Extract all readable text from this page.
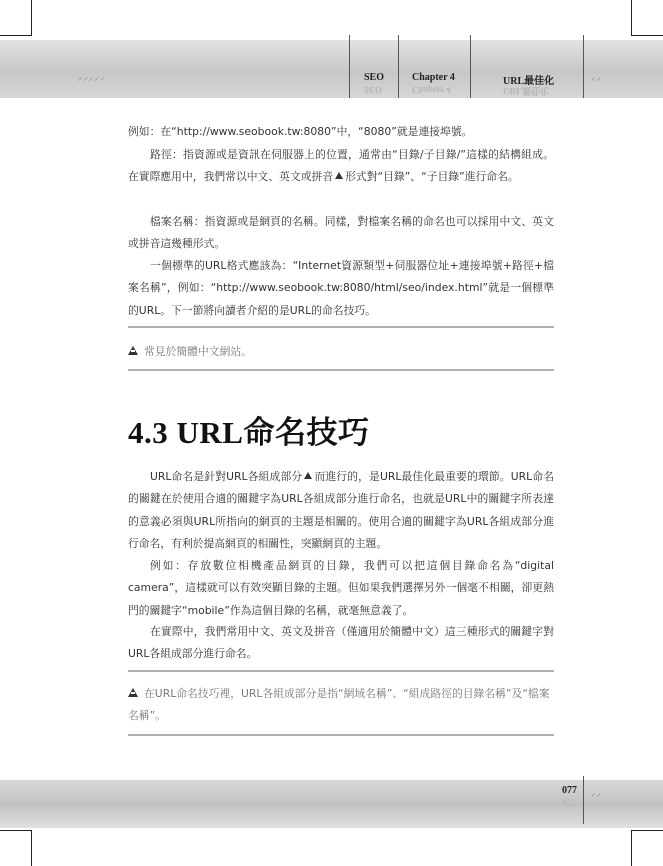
⸝⸝⸝⸝⸝	SEO	Chapter 4	URL最佳化
SEO	Chapter 4	URL最佳化
⸝⸝
例如：在“http://www.seobook.tw:8080”中，“8080”就是連接埠號。
路徑：指資源或是資訊在伺服器上的位置，通常由“目錄/子目錄/”這樣的結構組成。在實際應用中，我們常以中文、英文或拼音 形式對“目錄”、“子目錄”進行命名。
檔案名稱：指資源或是網頁的名稱。同樣，對檔案名稱的命名也可以採用中文、英文或拼音這幾種形式。
一個標準的URL格式應該為：“Internet資源類型+伺服器位址+連接埠號+路徑+檔案名稱”，例如：“http://www.seobook.tw:8080/html/seo/index.html”就是一個標準的URL。下一節將向讀者介紹的是URL的命名技巧。
常見於簡體中文網站。
4.3 URL命名技巧
URL命名是針對URL各組成部分 而進行的，是URL最佳化最重要的環節。URL命名的關鍵在於使用合適的關鍵字為URL各組成部分進行命名，也就是URL中的關鍵字所表達的意義必須與URL所指向的網頁的主題是相關的。使用合適的關鍵字為URL各組成部分進行命名，有利於提高網頁的相關性，突顯網頁的主題。
例如：存放數位相機產品網頁的目錄，我們可以把這個目錄命名為“digital camera”，這樣就可以有效突顯目錄的主題。但如果我們選擇另外一個毫不相關，卻更熱門的關鍵字“mobile”作為這個目錄的名稱，就毫無意義了。
在實際中，我們常用中文、英文及拼音（僅適用於簡體中文）這三種形式的關鍵字對URL各組成部分進行命名。
在URL命名技巧裡，URL各組成部分是指“網域名稱”、“組成路徑的目錄名稱”及“檔案名稱”。
077
077
⸝⸝
